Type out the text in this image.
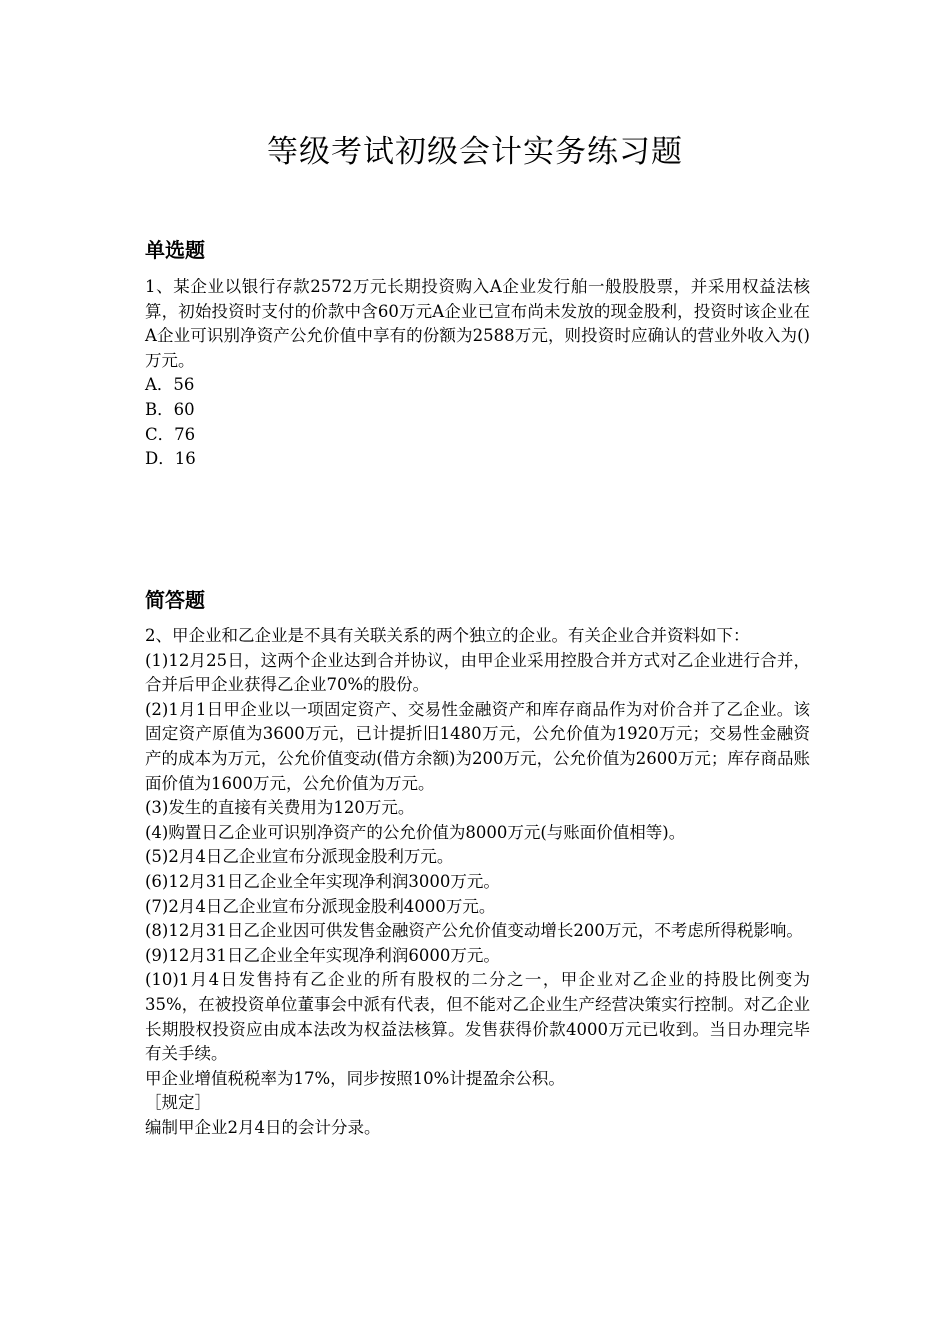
等级考试初级会计实务练习题
单选题

1、某企业以银行存款2572万元长期投资购入A企业发行舶一般股股票，并采用权益法核算，初始投资时支付的价款中含60万元A企业已宣布尚未发放的现金股利，投资时该企业在A企业可识别净资产公允价值中享有的份额为2588万元，则投资时应确认的营业外收入为()万元。

A．56
B．60
C．76
D．16
简答题

2、甲企业和乙企业是不具有关联关系的两个独立的企业。有关企业合并资料如下：

(1)12月25日，这两个企业达到合并协议，由甲企业采用控股合并方式对乙企业进行合并，合并后甲企业获得乙企业70%的股份。

(2)1月1日甲企业以一项固定资产、交易性金融资产和库存商品作为对价合并了乙企业。该固定资产原值为3600万元，已计提折旧1480万元，公允价值为1920万元；交易性金融资产的成本为万元，公允价值变动(借方余额)为200万元，公允价值为2600万元；库存商品账面价值为1600万元，公允价值为万元。

(3)发生的直接有关费用为120万元。

(4)购置日乙企业可识别净资产的公允价值为8000万元(与账面价值相等)。

(5)2月4日乙企业宣布分派现金股利万元。

(6)12月31日乙企业全年实现净利润3000万元。

(7)2月4日乙企业宣布分派现金股利4000万元。

(8)12月31日乙企业因可供发售金融资产公允价值变动增长200万元，不考虑所得税影响。

(9)12月31日乙企业全年实现净利润6000万元。

(10)1月4日发售持有乙企业的所有股权的二分之一，甲企业对乙企业的持股比例变为35%，在被投资单位董事会中派有代表，但不能对乙企业生产经营决策实行控制。对乙企业长期股权投资应由成本法改为权益法核算。发售获得价款4000万元已收到。当日办理完毕有关手续。

甲企业增值税税率为17%，同步按照10%计提盈余公积。

［规定］

编制甲企业2月4日的会计分录。
